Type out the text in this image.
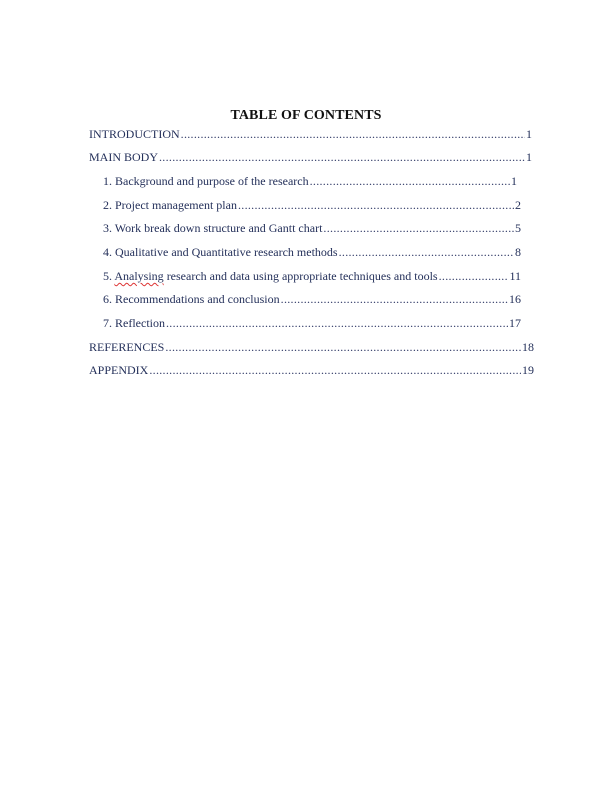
TABLE OF CONTENTS
INTRODUCTION .....	1
MAIN BODY .....	1
1. Background and purpose of the research .....	1
2. Project management plan .....	2
3. Work break down structure and Gantt chart .....	5
4. Qualitative and Quantitative research methods .....	8
5. Analysing research and data using appropriate techniques and tools .....	11
6. Recommendations and conclusion .....	16
7. Reflection .....	17
REFERENCES .....	18
APPENDIX .....	19
